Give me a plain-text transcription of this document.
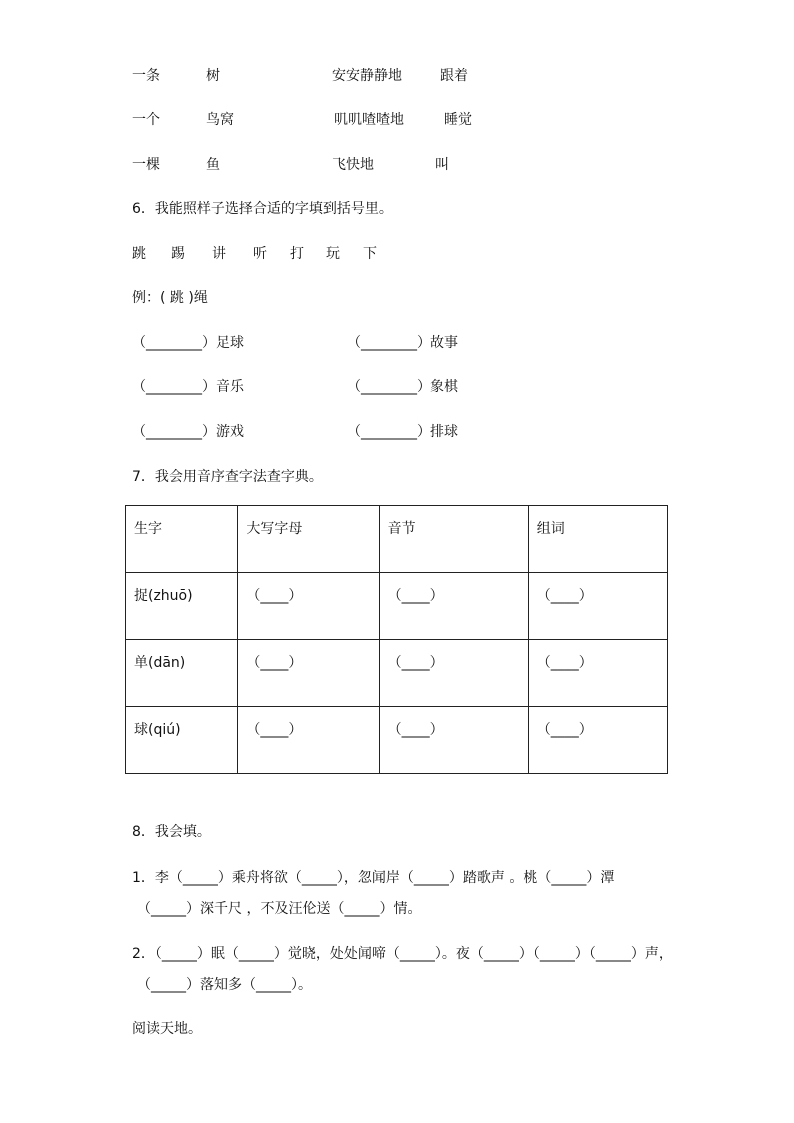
一条	树	安安静静地	跟着
一个	鸟窝	叽叽喳喳地	睡觉
一棵	鱼	飞快地	叫
6．我能照样子选择合适的字填到括号里。
跳 踢 讲 听 打 玩 下
例：( 跳 )绳
（________） 足球	（________） 故事
（________） 音乐	（________） 象棋
（________） 游戏	（________） 排球
7．我会用音序查字法查字典。
生字	大写字母	音节	组词
捉(zhuō)	（____）	（____）	（____）
单(dān)	（____）	（____）	（____）
球(qiú)	（____）	（____）	（____）
8．我会填。
1．李（_____）乘舟将欲（_____），忽闻岸（_____）踏歌声 。桃（_____）潭
（_____）深千尺 ，不及汪伦送（_____）情。
2．（_____）眠（_____）觉晓，处处闻啼（_____）。夜（_____）（_____）（_____）声，
（_____）落知多（_____）。
阅读天地。
